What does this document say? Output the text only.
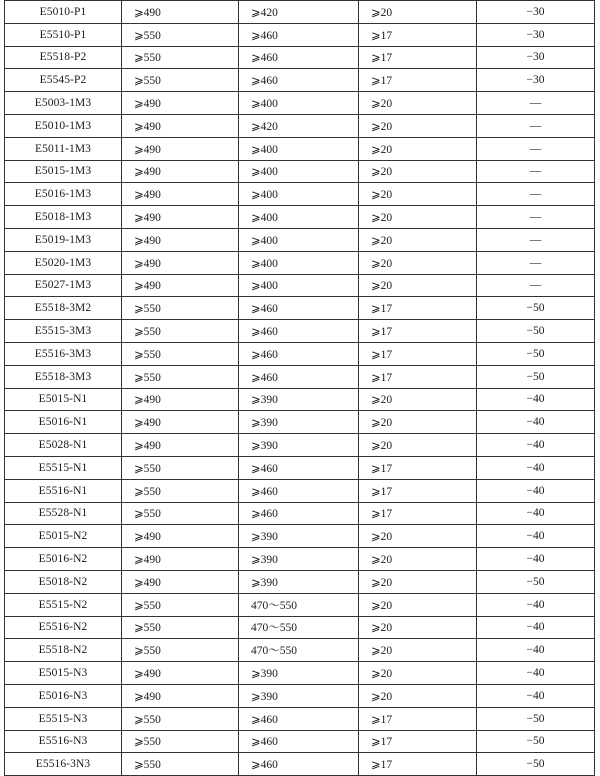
E5010-P1	⩾490	⩾420	⩾20	−30
E5510-P1	⩾550	⩾460	⩾17	−30
E5518-P2	⩾550	⩾460	⩾17	−30
E5545-P2	⩾550	⩾460	⩾17	−30
E5003-1M3	⩾490	⩾400	⩾20	—
E5010-1M3	⩾490	⩾420	⩾20	—
E5011-1M3	⩾490	⩾400	⩾20	—
E5015-1M3	⩾490	⩾400	⩾20	—
E5016-1M3	⩾490	⩾400	⩾20	—
E5018-1M3	⩾490	⩾400	⩾20	—
E5019-1M3	⩾490	⩾400	⩾20	—
E5020-1M3	⩾490	⩾400	⩾20	—
E5027-1M3	⩾490	⩾400	⩾20	—
E5518-3M2	⩾550	⩾460	⩾17	−50
E5515-3M3	⩾550	⩾460	⩾17	−50
E5516-3M3	⩾550	⩾460	⩾17	−50
E5518-3M3	⩾550	⩾460	⩾17	−50
E5015-N1	⩾490	⩾390	⩾20	−40
E5016-N1	⩾490	⩾390	⩾20	−40
E5028-N1	⩾490	⩾390	⩾20	−40
E5515-N1	⩾550	⩾460	⩾17	−40
E5516-N1	⩾550	⩾460	⩾17	−40
E5528-N1	⩾550	⩾460	⩾17	−40
E5015-N2	⩾490	⩾390	⩾20	−40
E5016-N2	⩾490	⩾390	⩾20	−40
E5018-N2	⩾490	⩾390	⩾20	−50
E5515-N2	⩾550	470～550	⩾20	−40
E5516-N2	⩾550	470～550	⩾20	−40
E5518-N2	⩾550	470～550	⩾20	−40
E5015-N3	⩾490	⩾390	⩾20	−40
E5016-N3	⩾490	⩾390	⩾20	−40
E5515-N3	⩾550	⩾460	⩾17	−50
E5516-N3	⩾550	⩾460	⩾17	−50
E5516-3N3	⩾550	⩾460	⩾17	−50
